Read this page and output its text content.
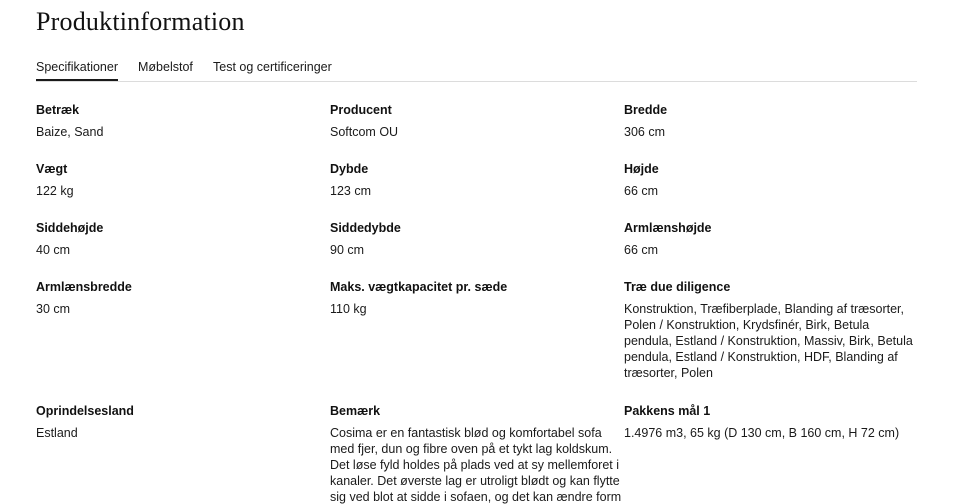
Produktinformation
Specifikationer Møbelstof Test og certificeringer
Betræk
Baize, Sand
Producent
Softcom OU
Bredde
306 cm
Vægt
122 kg
Dybde
123 cm
Højde
66 cm
Siddehøjde
40 cm
Siddedybde
90 cm
Armlænshøjde
66 cm
Armlænsbredde
30 cm
Maks. vægtkapacitet pr. sæde
110 kg
Træ due diligence
Konstruktion, Træfiberplade, Blanding af træsorter, Polen / Konstruktion, Krydsfinér, Birk, Betula pendula, Estland / Konstruktion, Massiv, Birk, Betula pendula, Estland / Konstruktion, HDF, Blanding af træsorter, Polen
Oprindelsesland
Estland
Bemærk
Cosima er en fantastisk blød og komfortabel sofa med fjer, dun og fibre oven på et tykt lag koldskum. Det løse fyld holdes på plads ved at sy mellemforet i kanaler. Det øverste lag er utroligt blødt og kan flytte sig ved blot at sidde i sofaen, og det kan ændre form
Pakkens mål 1
1.4976 m3, 65 kg (D 130 cm, B 160 cm, H 72 cm)
